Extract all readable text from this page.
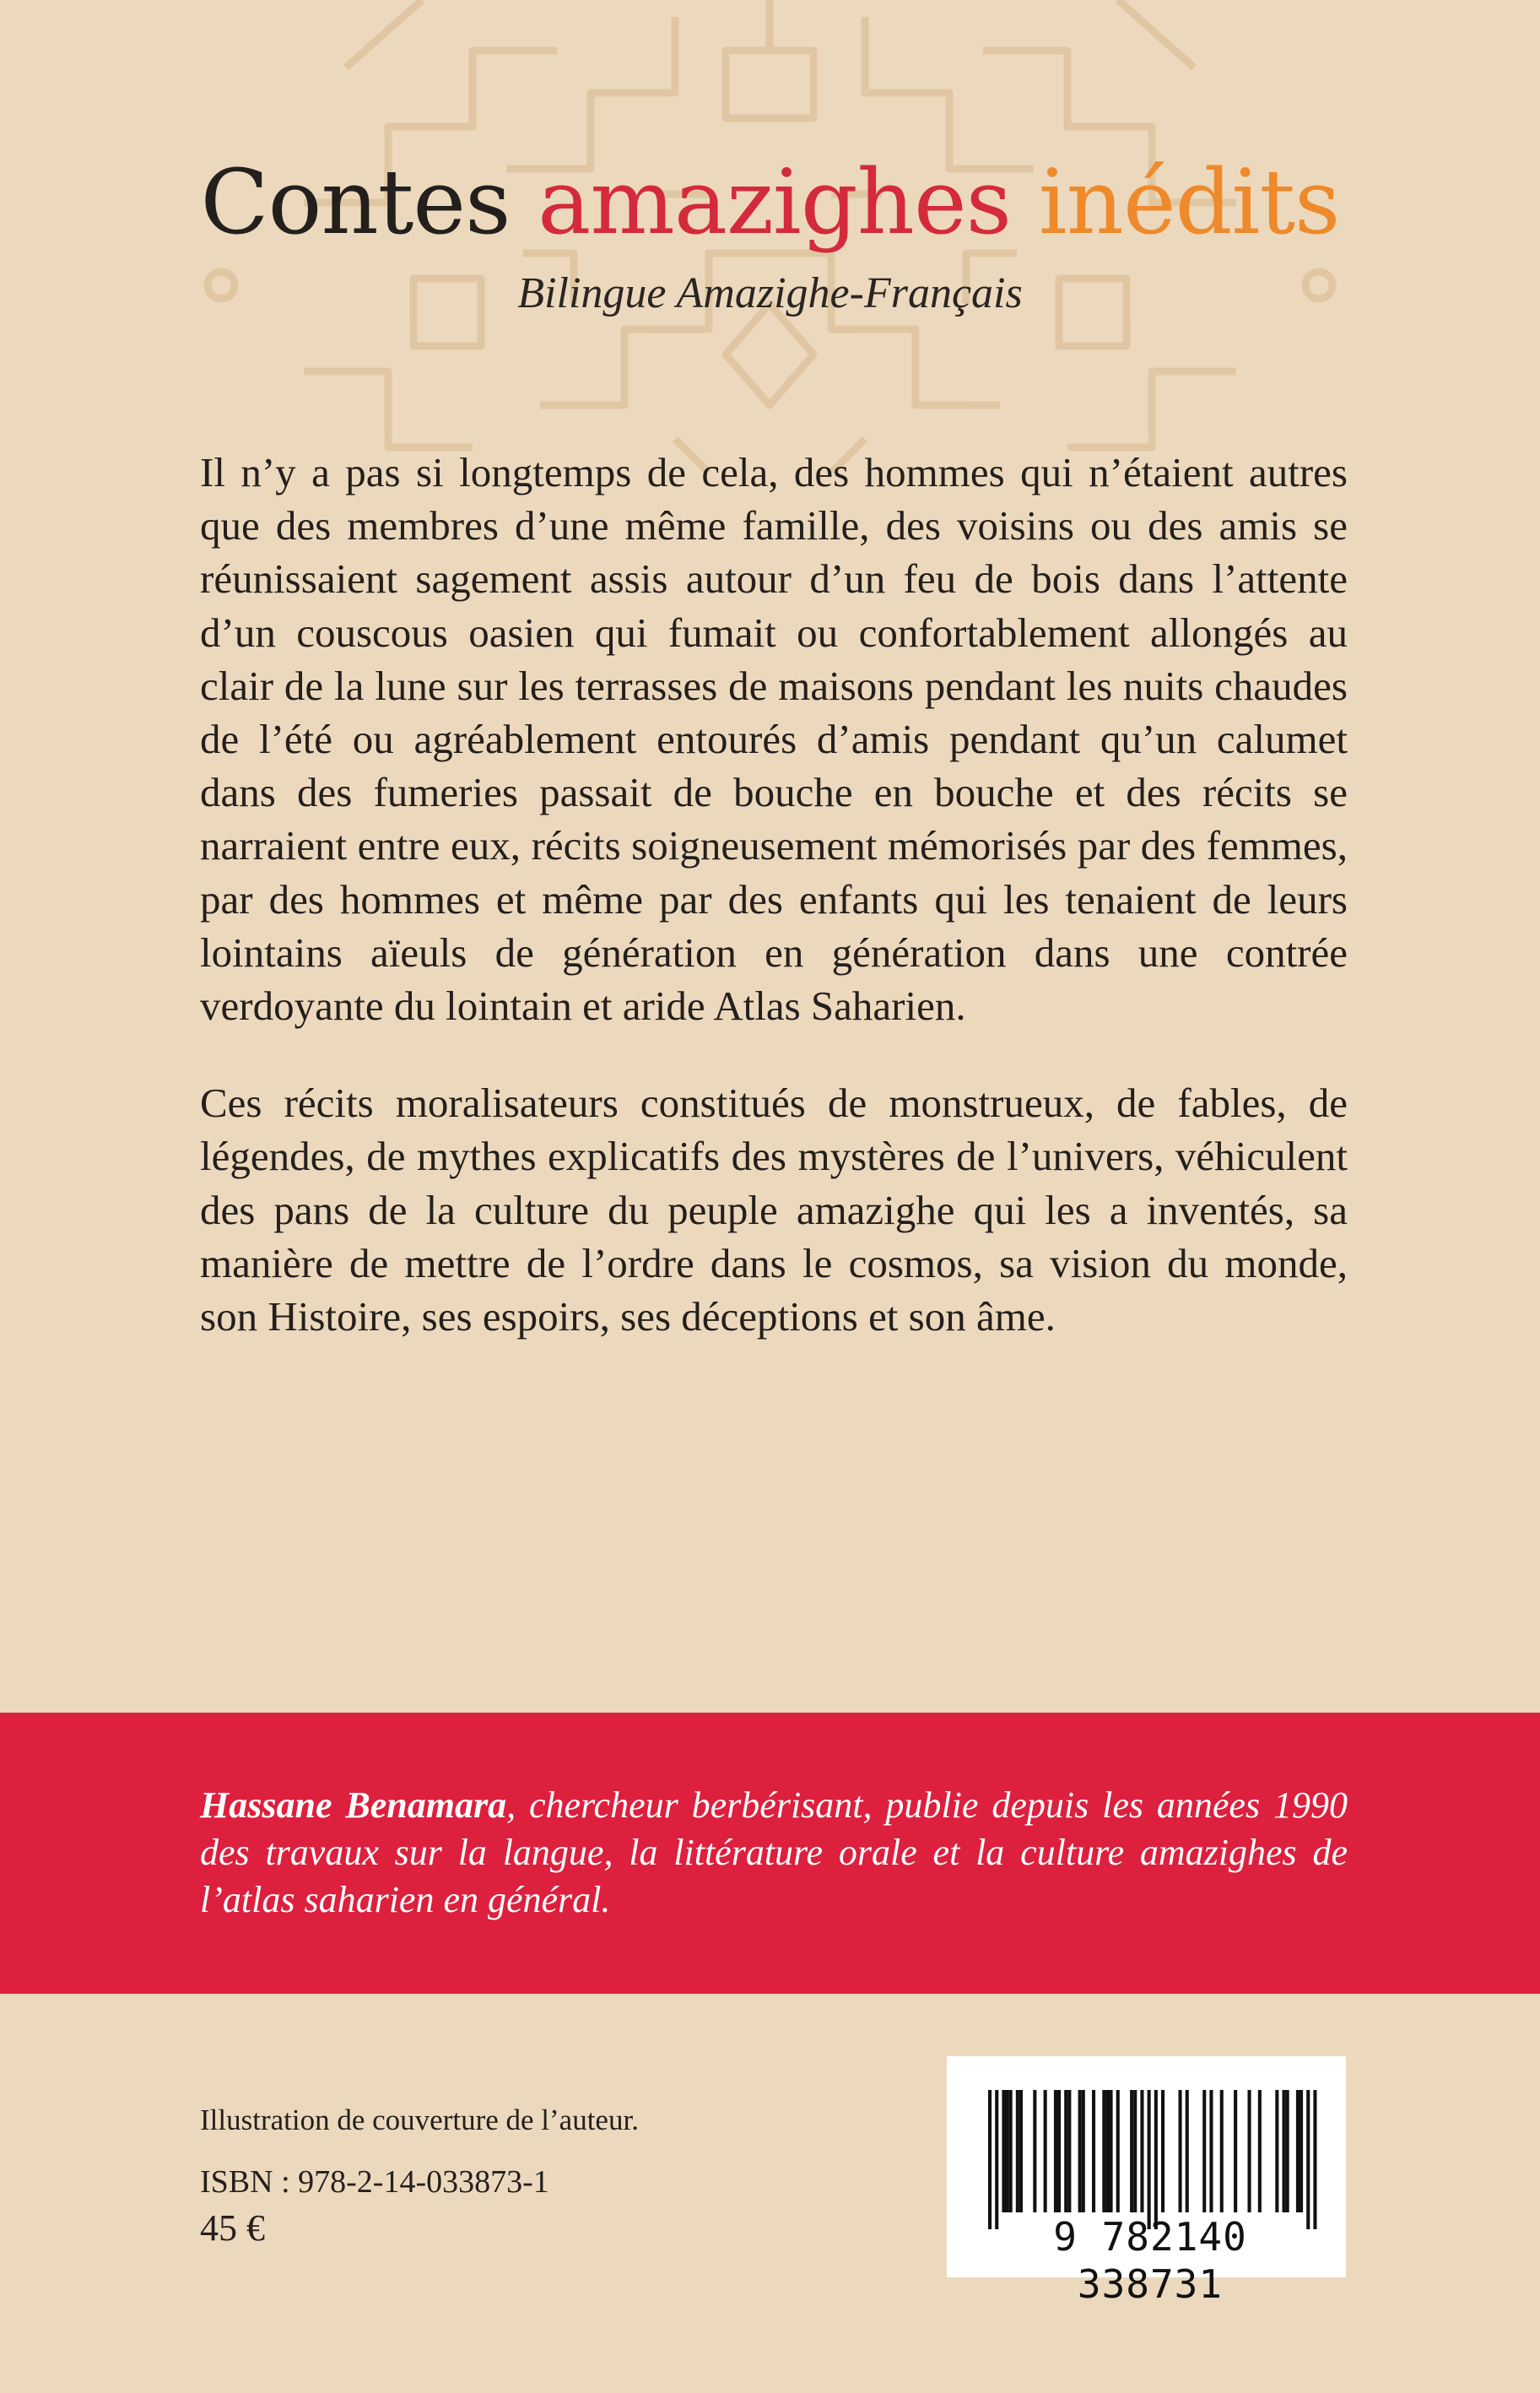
Contes amazighes inédits
Bilingue Amazighe-Français

Il n’y a pas si longtemps de cela, des hommes qui n’étaient autres que des membres d’une même famille, des voisins ou des amis se réunissaient sagement assis autour d’un feu de bois dans l’attente d’un couscous oasien qui fumait ou confortablement allongés au clair de la lune sur les terrasses de maisons pendant les nuits chaudes de l’été ou agréablement entourés d’amis pendant qu’un calumet dans des fumeries passait de bouche en bouche et des récits se narraient entre eux, récits soigneusement mémorisés par des femmes, par des hommes et même par des enfants qui les tenaient de leurs lointains aïeuls de génération en génération dans une contrée verdoyante du lointain et aride Atlas Saharien.

Ces récits moralisateurs constitués de monstrueux, de fables, de légendes, de mythes explicatifs des mystères de l’univers, véhiculent des pans de la culture du peuple amazighe qui les a inventés, sa manière de mettre de l’ordre dans le cosmos, sa vision du monde, son Histoire, ses espoirs, ses déceptions et son âme.

Hassane Benamara, chercheur berbérisant, publie depuis les années 1990 des travaux sur la langue, la littérature orale et la culture amazighes de l’atlas saharien en général.

Illustration de couverture de l’auteur.
ISBN : 978-2-14-033873-1
45 €	9 782140 338731
